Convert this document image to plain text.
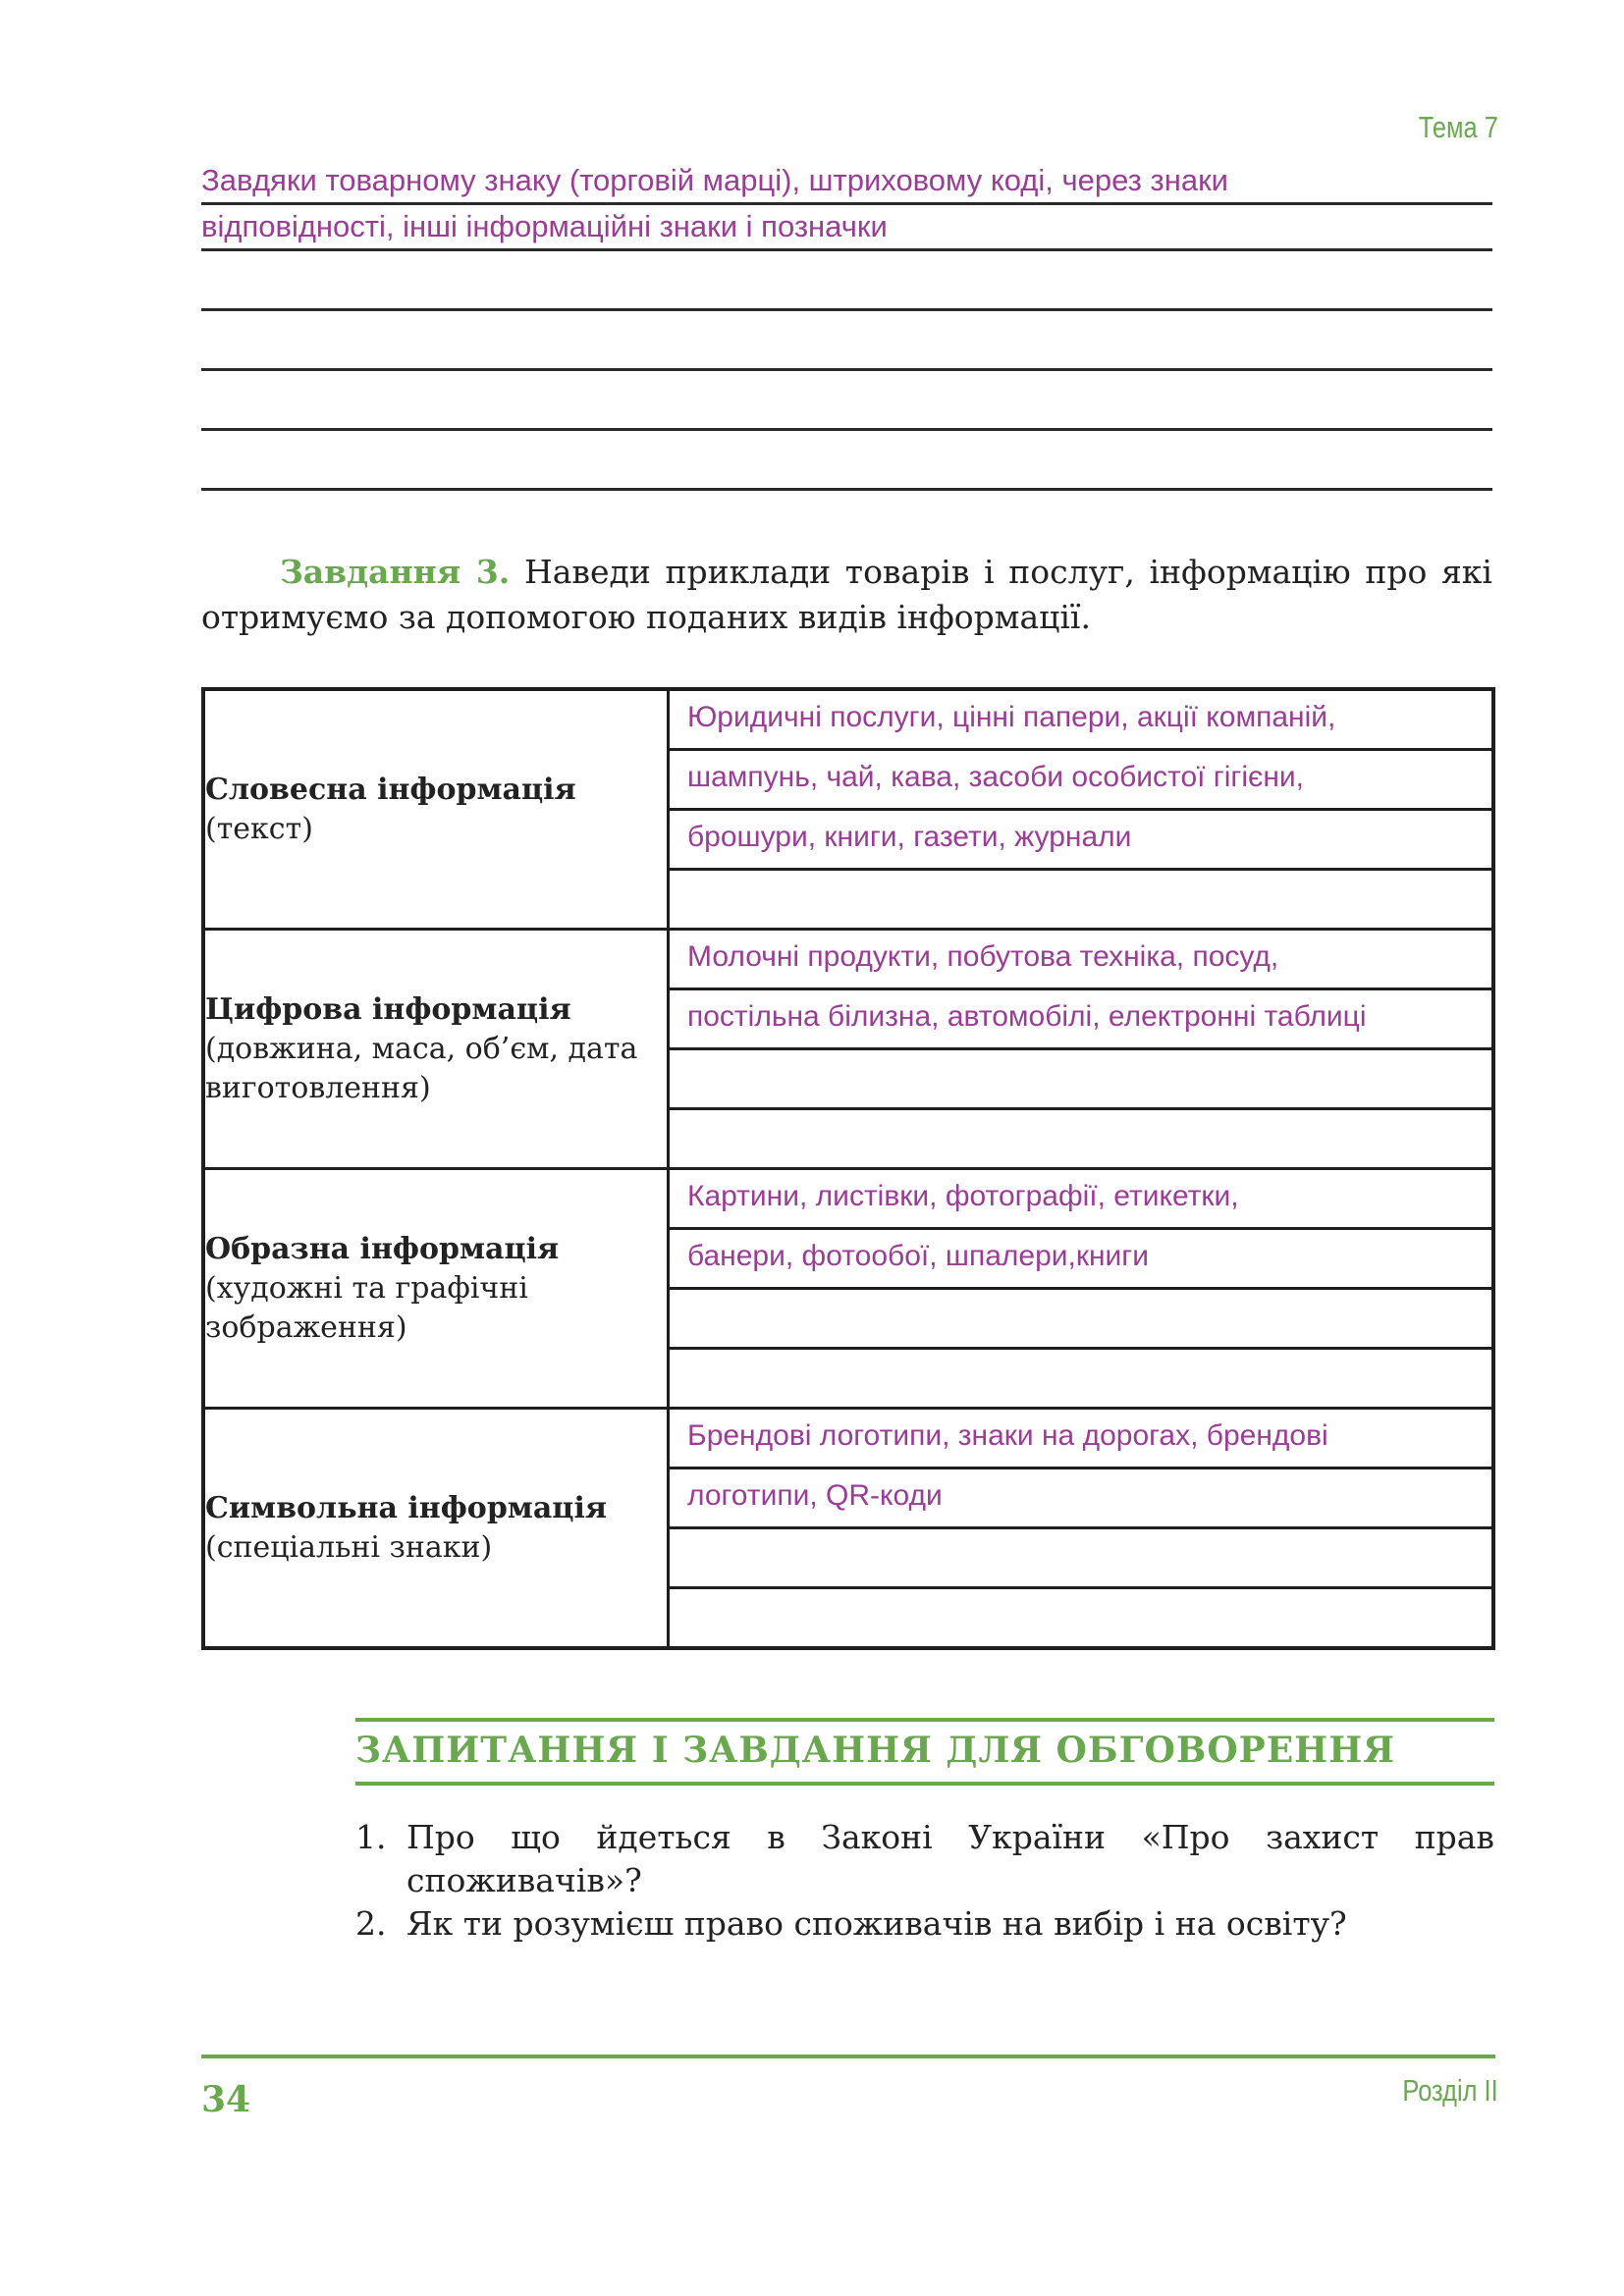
Тема 7
Завдяки товарному знаку (торговій марці), штриховому коді, через знаки
відповідності, інші інформаційні знаки і позначки
Завдання 3. Наведи приклади товарів і послуг, інформацію про які отримуємо за допомогою поданих видів інформації.
Словесна інформація
(текст)	Юридичні послуги, цінні папери, акції компаній,

	шампунь, чай, кава, засоби особистої гігієни,

	брошури, книги, газети, журнали

Цифрова інформація
(довжина, маса, об’єм, дата виготовлення)	Молочні продукти, побутова техніка, посуд,

	постільна білизна, автомобілі, електронні таблиці

Образна інформація
(художні та графічні зображення)	Картини, листівки, фотографії, етикетки,

	банери, фотообої, шпалери,книги

Символьна інформація
(спеціальні знаки)	Брендові логотипи, знаки на дорогах, брендові

	логотипи, QR-коди

ЗАПИТАННЯ І ЗАВДАННЯ ДЛЯ ОБГОВОРЕННЯ
1. Про що йдеться в Законі України «Про захист прав споживачів»?
2. Як ти розумієш право споживачів на вибір і на освіту?
34	Розділ II
